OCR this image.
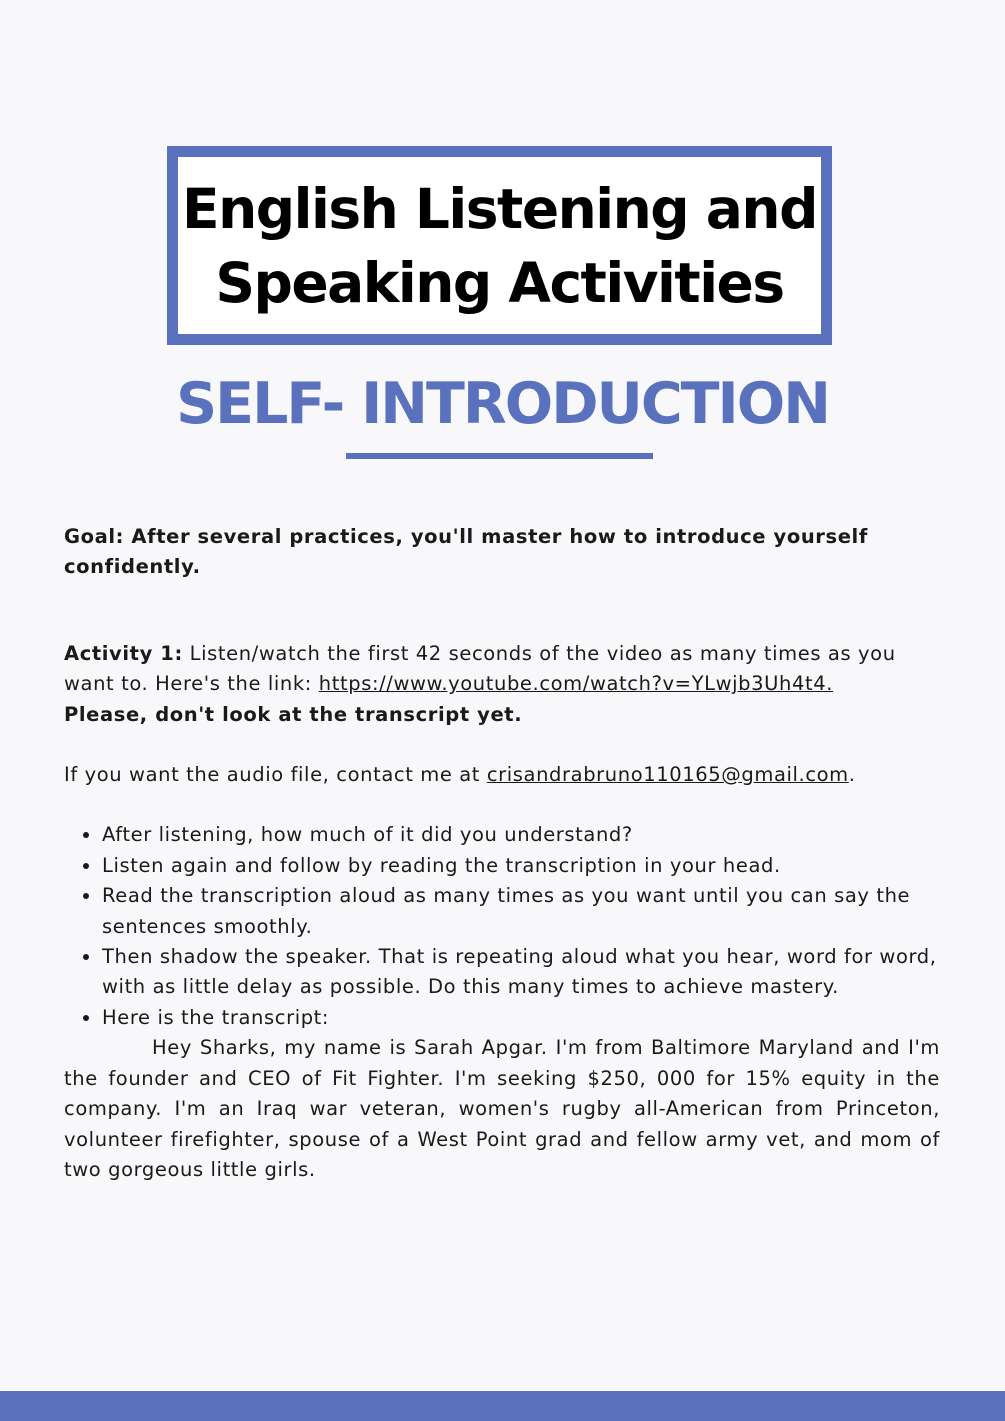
English Listening and
Speaking Activities
SELF- INTRODUCTION

Goal: After several practices, you'll master how to introduce yourself confidently.

Activity 1: Listen/watch the first 42 seconds of the video as many times as you want to. Here's the link: https://www.youtube.com/watch?v=YLwjb3Uh4t4.
Please, don't look at the transcript yet.

If you want the audio file, contact me at crisandrabruno110165@gmail.com.

• After listening, how much of it did you understand?
• Listen again and follow by reading the transcription in your head.
• Read the transcription aloud as many times as you want until you can say the sentences smoothly.
• Then shadow the speaker. That is repeating aloud what you hear, word for word, with as little delay as possible. Do this many times to achieve mastery.
• Here is the transcript:

Hey Sharks, my name is Sarah Apgar. I'm from Baltimore Maryland and I'm the founder and CEO of Fit Fighter. I'm seeking $250, 000 for 15% equity in the company. I'm an Iraq war veteran, women's rugby all-American from Princeton, volunteer firefighter, spouse of a West Point grad and fellow army vet, and mom of two gorgeous little girls.
